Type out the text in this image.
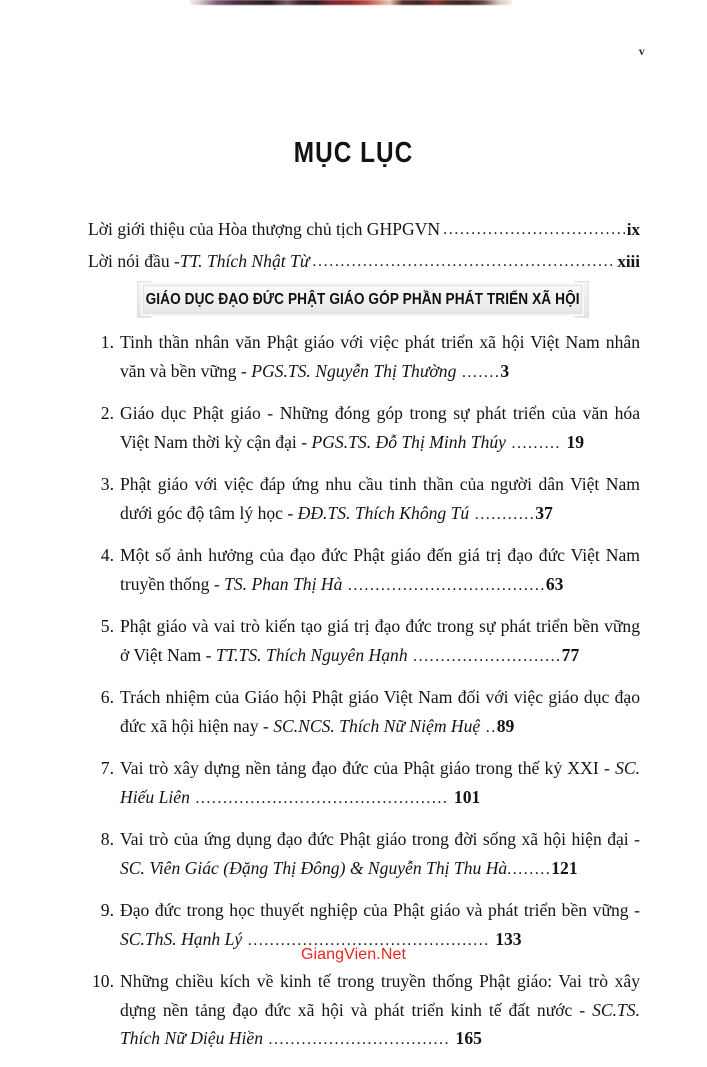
v
MỤC LỤC
Lời giới thiệu của Hòa thượng chủ tịch GHPGVN .....	ix
Lời nói đầu - TT. Thích Nhật Từ .....	xiii
GIÁO DỤC ĐẠO ĐỨC PHẬT GIÁO GÓP PHẦN PHÁT TRIỂN XÃ HỘI
1. Tinh thần nhân văn Phật giáo với việc phát triển xã hội Việt Nam nhân văn và bền vững - PGS.TS. Nguyễn Thị Thường .......3
2. Giáo dục Phật giáo - Những đóng góp trong sự phát triển của văn hóa Việt Nam thời kỳ cận đại - PGS.TS. Đỗ Thị Minh Thúy ......... 19
3. Phật giáo với việc đáp ứng nhu cầu tinh thần của người dân Việt Nam dưới góc độ tâm lý học - ĐĐ.TS. Thích Không Tú ...........37
4. Một số ảnh hưởng của đạo đức Phật giáo đến giá trị đạo đức Việt Nam truyền thống - TS. Phan Thị Hà ....................................63
5. Phật giáo và vai trò kiến tạo giá trị đạo đức trong sự phát triển bền vững ở Việt Nam - TT.TS. Thích Nguyên Hạnh ...........................77
6. Trách nhiệm của Giáo hội Phật giáo Việt Nam đối với việc giáo dục đạo đức xã hội hiện nay - SC.NCS. Thích Nữ Niệm Huệ ..89
7. Vai trò xây dựng nền tảng đạo đức của Phật giáo trong thế kỷ XXI - SC. Hiếu Liên .............................................. 101
8. Vai trò của ứng dụng đạo đức Phật giáo trong đời sống xã hội hiện đại - SC. Viên Giác (Đặng Thị Đông) & Nguyễn Thị Thu Hà........121
9. Đạo đức trong học thuyết nghiệp của Phật giáo và phát triển bền vững - SC.ThS. Hạnh Lý ............................................ 133
10. Những chiều kích về kinh tế trong truyền thống Phật giáo: Vai trò xây dựng nền tảng đạo đức xã hội và phát triển kinh tế đất nước - SC.TS. Thích Nữ Diệu Hiền ................................. 165
GiangVien.Net
